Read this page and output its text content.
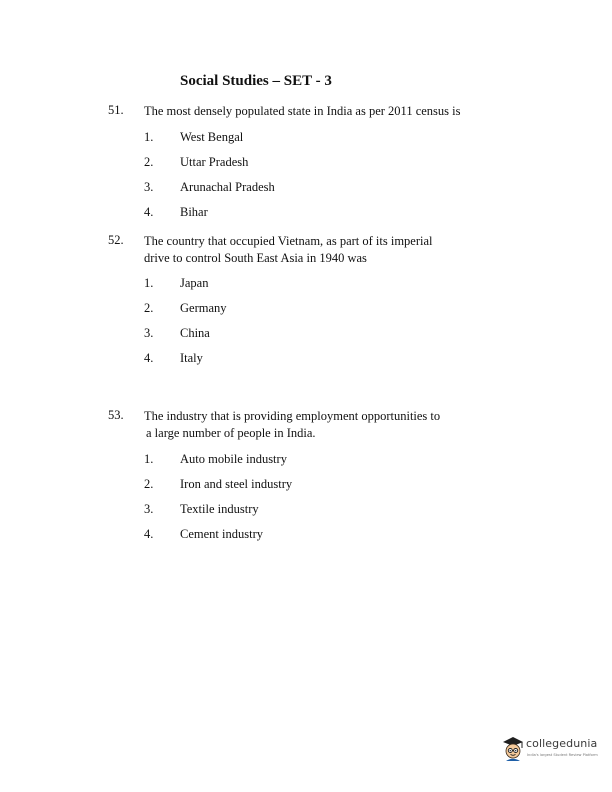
Social Studies – SET - 3
51. The most densely populated state in India as per 2011 census is
1. West Bengal
2. Uttar Pradesh
3. Arunachal Pradesh
4. Bihar
52. The country that occupied Vietnam, as part of its imperial
drive to control South East Asia in 1940 was
1. Japan
2. Germany
3. China
4. Italy
53. The industry that is providing employment opportunities to
a large number of people in India.
1. Auto mobile industry
2. Iron and steel industry
3. Textile industry
4. Cement industry
collegedunia
India's largest Student Review Platform
